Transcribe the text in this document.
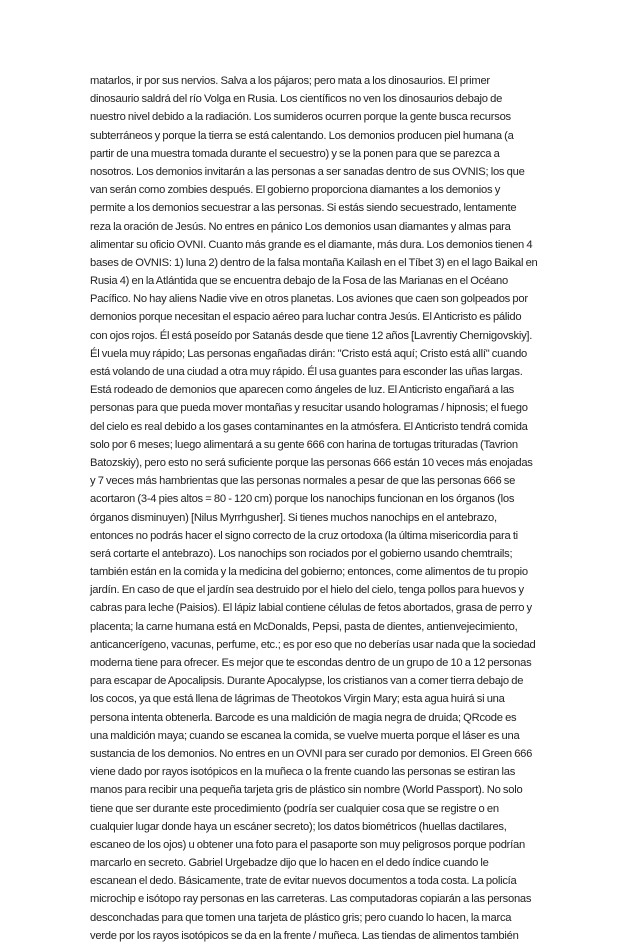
matarlos, ir por sus nervios. Salva a los pájaros; pero mata a los dinosaurios. El primer
dinosaurio saldrá del río Volga en Rusia. Los científicos no ven los dinosaurios debajo de
nuestro nivel debido a la radiación. Los sumideros ocurren porque la gente busca recursos
subterráneos y porque la tierra se está calentando. Los demonios producen piel humana (a
partir de una muestra tomada durante el secuestro) y se la ponen para que se parezca a
nosotros. Los demonios invitarán a las personas a ser sanadas dentro de sus OVNIS; los que
van serán como zombies después. El gobierno proporciona diamantes a los demonios y
permite a los demonios secuestrar a las personas. Si estás siendo secuestrado, lentamente
reza la oración de Jesús. No entres en pánico Los demonios usan diamantes y almas para
alimentar su oficio OVNI. Cuanto más grande es el diamante, más dura. Los demonios tienen 4
bases de OVNIS: 1) luna 2) dentro de la falsa montaña Kailash en el Tíbet 3) en el lago Baikal en
Rusia 4) en la Atlántida que se encuentra debajo de la Fosa de las Marianas en el Océano
Pacífico. No hay aliens Nadie vive en otros planetas. Los aviones que caen son golpeados por
demonios porque necesitan el espacio aéreo para luchar contra Jesús. El Anticristo es pálido
con ojos rojos. Él está poseído por Satanás desde que tiene 12 años [Lavrentiy Chernigovskiy].
Él vuela muy rápido; Las personas engañadas dirán: "Cristo está aquí; Cristo está allí" cuando
está volando de una ciudad a otra muy rápido. Él usa guantes para esconder las uñas largas.
Está rodeado de demonios que aparecen como ángeles de luz. El Anticristo engañará a las
personas para que pueda mover montañas y resucitar usando hologramas / hipnosis; el fuego
del cielo es real debido a los gases contaminantes en la atmósfera. El Anticristo tendrá comida
solo por 6 meses; luego alimentará a su gente 666 con harina de tortugas trituradas (Tavrion
Batozskiy), pero esto no será suficiente porque las personas 666 están 10 veces más enojadas
y 7 veces más hambrientas que las personas normales a pesar de que las personas 666 se
acortaron (3-4 pies altos = 80 - 120 cm) porque los nanochips funcionan en los órganos (los
órganos disminuyen) [Nilus Myrrhgusher]. Si tienes muchos nanochips en el antebrazo,
entonces no podrás hacer el signo correcto de la cruz ortodoxa (la última misericordia para ti
será cortarte el antebrazo). Los nanochips son rociados por el gobierno usando chemtrails;
también están en la comida y la medicina del gobierno; entonces, come alimentos de tu propio
jardín. En caso de que el jardín sea destruido por el hielo del cielo, tenga pollos para huevos y
cabras para leche (Paisios). El lápiz labial contiene células de fetos abortados, grasa de perro y
placenta; la carne humana está en McDonalds, Pepsi, pasta de dientes, antienvejecimiento,
anticancerígeno, vacunas, perfume, etc.; es por eso que no deberías usar nada que la sociedad
moderna tiene para ofrecer. Es mejor que te escondas dentro de un grupo de 10 a 12 personas
para escapar de Apocalipsis. Durante Apocalypse, los cristianos van a comer tierra debajo de
los cocos, ya que está llena de lágrimas de Theotokos Virgin Mary; esta agua huirá si una
persona intenta obtenerla. Barcode es una maldición de magia negra de druida; QRcode es
una maldición maya; cuando se escanea la comida, se vuelve muerta porque el láser es una
sustancia de los demonios. No entres en un OVNI para ser curado por demonios. El Green 666
viene dado por rayos isotópicos en la muñeca o la frente cuando las personas se estiran las
manos para recibir una pequeña tarjeta gris de plástico sin nombre (World Passport). No solo
tiene que ser durante este procedimiento (podría ser cualquier cosa que se registre o en
cualquier lugar donde haya un escáner secreto); los datos biométricos (huellas dactilares,
escaneo de los ojos) u obtener una foto para el pasaporte son muy peligrosos porque podrían
marcarlo en secreto. Gabriel Urgebadze dijo que lo hacen en el dedo índice cuando le
escanean el dedo. Básicamente, trate de evitar nuevos documentos a toda costa. La policía
microchip e isótopo ray personas en las carreteras. Las computadoras copiarán a las personas
desconchadas para que tomen una tarjeta de plástico gris; pero cuando lo hacen, la marca
verde por los rayos isotópicos se da en la frente / muñeca. Las tiendas de alimentos también
